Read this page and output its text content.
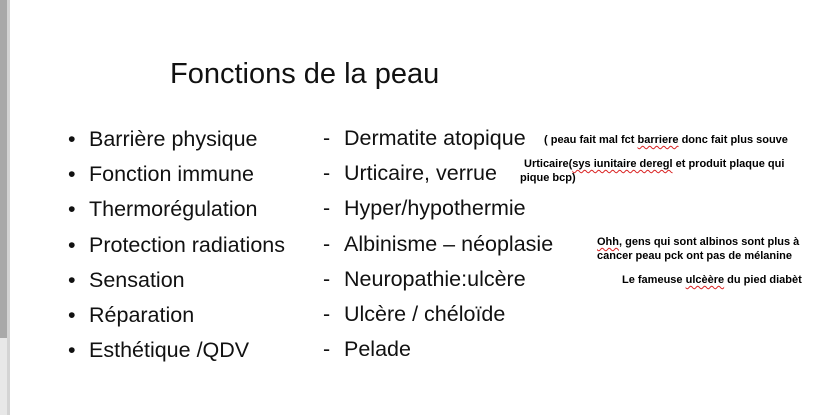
Fonctions de la peau
• Barrière physique
• Fonction immune
• Thermorégulation
• Protection radiations
• Sensation
• Réparation
• Esthétique /QDV
- Dermatite atopique
- Urticaire, verrue
- Hyper/hypothermie
- Albinisme – néoplasie
- Neuropathie:ulcère
- Ulcère / chéloïde
- Pelade
( peau fait mal fct barriere donc fait plus souve
Urticaire(sys iunitaire deregl et produit plaque qui
pique bcp)
Ohh, gens qui sont albinos sont plus à
cancer peau pck ont pas de mélanine
Le fameuse ulcèère du pied diabèt
